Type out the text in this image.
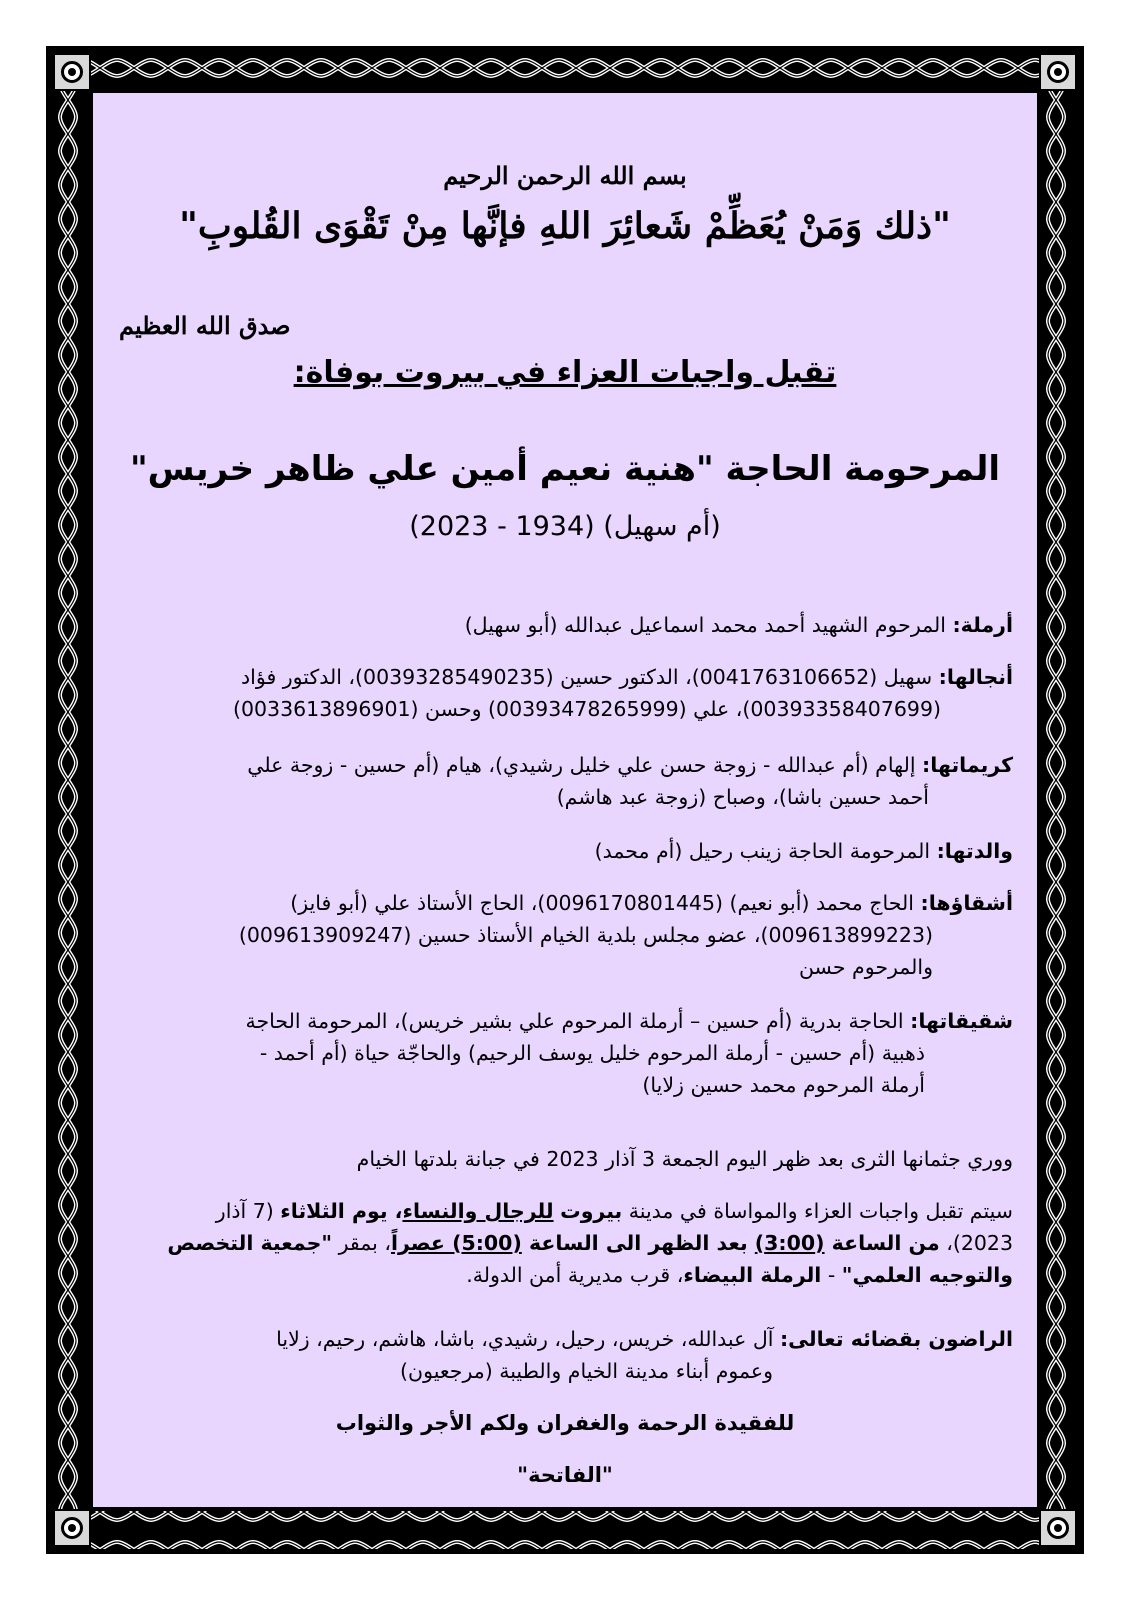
بسم الله الرحمن الرحيم
"ذلك وَمَنْ يُعَظِّمْ شَعائِرَ اللهِ فإنَّها مِنْ تَقْوَى القُلوبِ"
صدق الله العظيم
تقبل واجبات العزاء في بيروت بوفاة:
المرحومة الحاجة "هنية نعيم أمين علي ظاهر خريس"
(أم سهيل) (1934 - 2023)
أرملة: المرحوم الشهيد أحمد محمد اسماعيل عبدالله (أبو سهيل)
أنجالها: سهيل (0041763106652)، الدكتور حسين (00393285490235)، الدكتور فؤاد
(00393358407699)، علي (00393478265999) وحسن (0033613896901)
كريماتها: إلهام (أم عبدالله - زوجة حسن علي خليل رشيدي)، هيام (أم حسين - زوجة علي
أحمد حسين باشا)، وصباح (زوجة عبد هاشم)
والدتها: المرحومة الحاجة زينب رحيل (أم محمد)
أشقاؤها: الحاج محمد (أبو نعيم) (0096170801445)، الحاج الأستاذ علي (أبو فايز)
(009613899223)، عضو مجلس بلدية الخيام الأستاذ حسين (009613909247)
والمرحوم حسن
شقيقاتها: الحاجة بدرية (أم حسين – أرملة المرحوم علي بشير خريس)، المرحومة الحاجة
ذهبية (أم حسين - أرملة المرحوم خليل يوسف الرحيم) والحاجّة حياة (أم أحمد -
أرملة المرحوم محمد حسين زلايا)
ووري جثمانها الثرى بعد ظهر اليوم الجمعة 3 آذار 2023 في جبانة بلدتها الخيام
سيتم تقبل واجبات العزاء والمواساة في مدينة بيروت للرجال والنساء، يوم الثلاثاء (7 آذار
2023)، من الساعة (3:00) بعد الظهر الى الساعة (5:00) عصراً، بمقر "جمعية التخصص
والتوجيه العلمي" - الرملة البيضاء، قرب مديرية أمن الدولة.
الراضون بقضائه تعالى: آل عبدالله، خريس، رحيل، رشيدي، باشا، هاشم، رحيم، زلايا
وعموم أبناء مدينة الخيام والطيبة (مرجعيون)
للفقيدة الرحمة والغفران ولكم الأجر والثواب
"الفاتحة"
